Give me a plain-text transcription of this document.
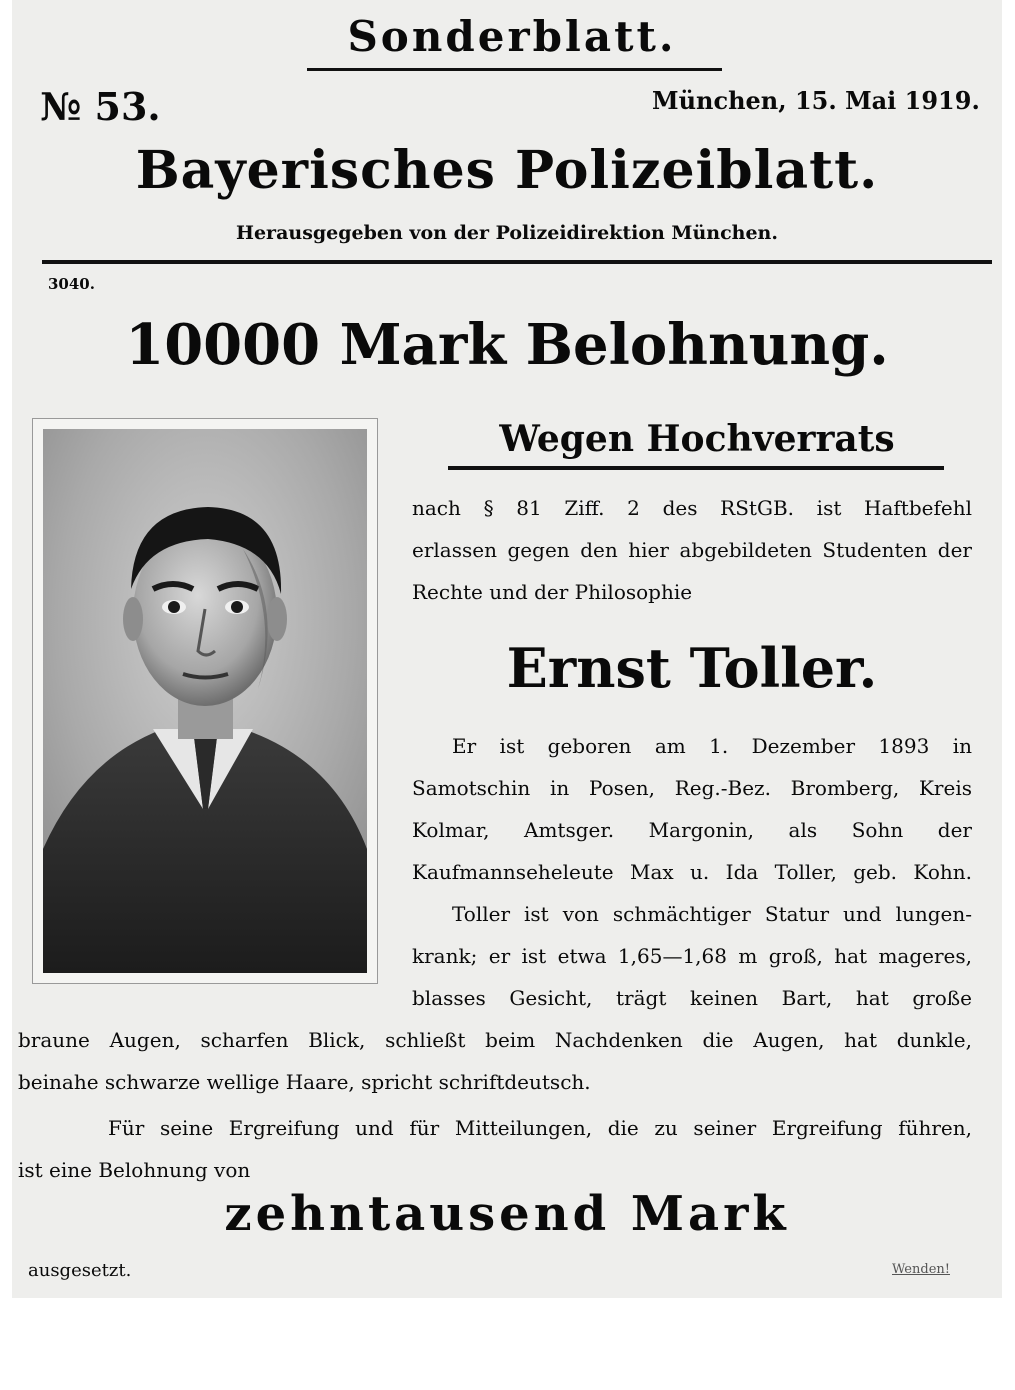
Sonderblatt.
№ 53.	München, 15. Mai 1919.
Bayerisches Polizeiblatt.
Herausgegeben von der Polizeidirektion München.
3040.
10000 Mark Belohnung.
Wegen Hochverrats
nach § 81 Ziff. 2 des RStGB. ist Haftbefehl
erlassen gegen den hier abgebildeten Studenten der
Rechte und der Philosophie
Ernst Toller.
Er ist geboren am 1. Dezember 1893 in
Samotschin in Posen, Reg.-Bez. Bromberg, Kreis
Kolmar, Amtsger. Margonin, als Sohn der
Kaufmannseheleute Max u. Ida Toller, geb. Kohn.
Toller ist von schmächtiger Statur und lungen-
krank; er ist etwa 1,65—1,68 m groß, hat mageres,
blasses Gesicht, trägt keinen Bart, hat große
braune Augen, scharfen Blick, schließt beim Nachdenken die Augen, hat dunkle,
beinahe schwarze wellige Haare, spricht schriftdeutsch.
Für seine Ergreifung und für Mitteilungen, die zu seiner Ergreifung führen,
ist eine Belohnung von
zehntausend Mark
ausgesetzt.	Wenden!
